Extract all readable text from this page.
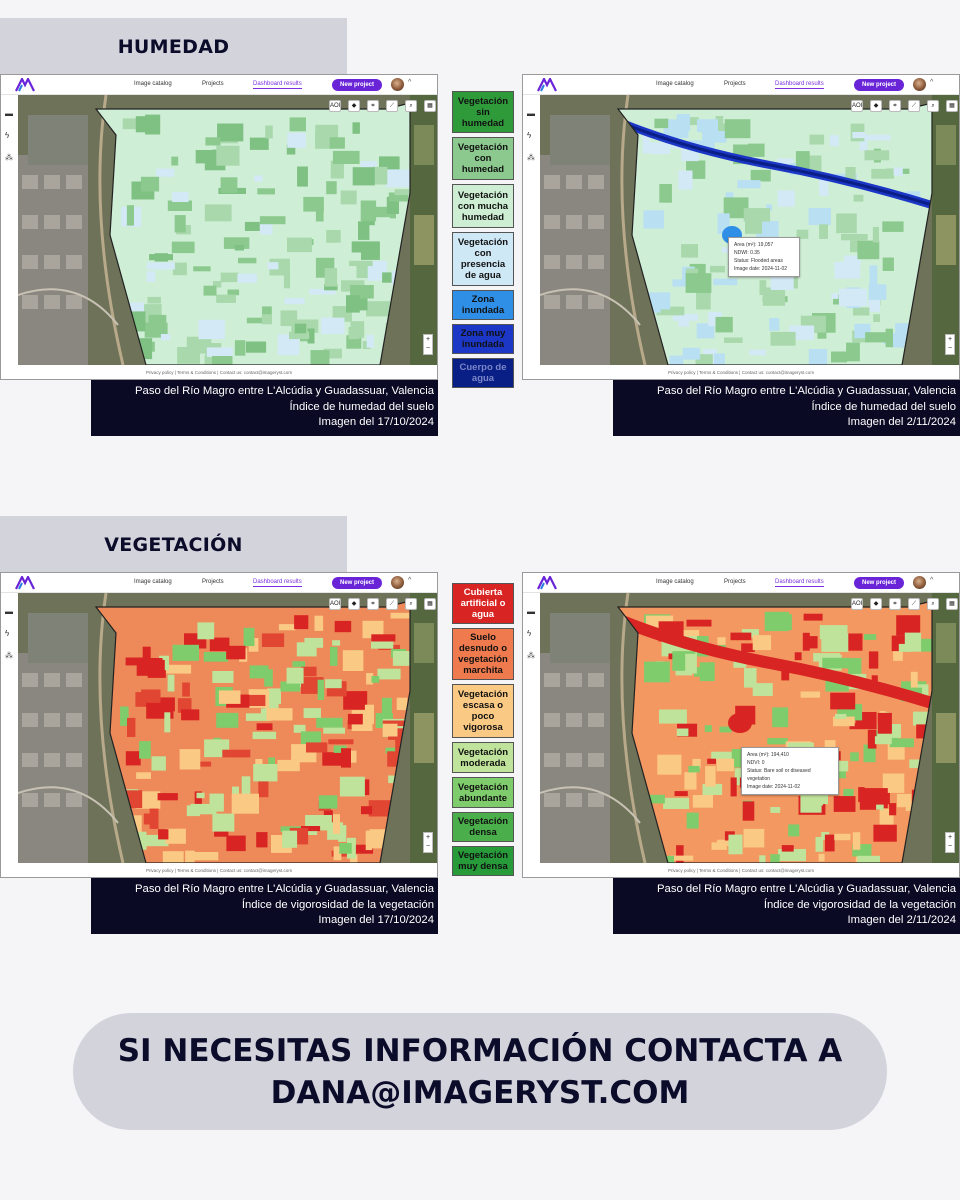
HUMEDAD
Image catalog	Projects	Dashboard results	New project	^
▬
ϟ
⁂
AOI	◆	⌗	⟋	⌕	▦
+
−
Privacy policy | Terms & Conditions | Contact us: contact@imageryst.com
Image catalog	Projects	Dashboard results	New project	^
▬
ϟ
⁂
AOI	◆	⌗	⟋	⌕	▦
+
−
Privacy policy | Terms & Conditions | Contact us: contact@imageryst.com
Area (m²): 19,057
NDWI: 0.35
Status: Flooded areas
Image date: 2024-11-02
Vegetación sin humedad
Vegetación con humedad
Vegetación con mucha humedad
Vegetación con presencia de agua
Zona inundada
Zona muy inundada
Cuerpo de agua
Paso del Río Magro entre L'Alcúdia y Guadassuar, Valencia
Índice de humedad del suelo
Imagen del 17/10/2024
Paso del Río Magro entre L'Alcúdia y Guadassuar, Valencia
Índice de humedad del suelo
Imagen del 2/11/2024
VEGETACIÓN
Image catalog	Projects	Dashboard results	New project	^
▬
ϟ
⁂
AOI	◆	⌗	⟋	⌕	▦
+
−
Privacy policy | Terms & Conditions | Contact us: contact@imageryst.com
Image catalog	Projects	Dashboard results	New project	^
▬
ϟ
⁂
AOI	◆	⌗	⟋	⌕	▦
+
−
Privacy policy | Terms & Conditions | Contact us: contact@imageryst.com
Area (m²): 194,410
NDVI: 0
Status: Bare soil or diseased vegetation
Image date: 2024-11-02
Cubierta artificial o agua
Suelo desnudo o vegetación marchita
Vegetación escasa o poco vigorosa
Vegetación moderada
Vegetación abundante
Vegetación densa
Vegetación muy densa
Paso del Río Magro entre L'Alcúdia y Guadassuar, Valencia
Índice de vigorosidad de la vegetación
Imagen del 17/10/2024
Paso del Río Magro entre L'Alcúdia y Guadassuar, Valencia
Índice de vigorosidad de la vegetación
Imagen del 2/11/2024
SI NECESITAS INFORMACIÓN CONTACTA A
DANA@IMAGERYST.COM
